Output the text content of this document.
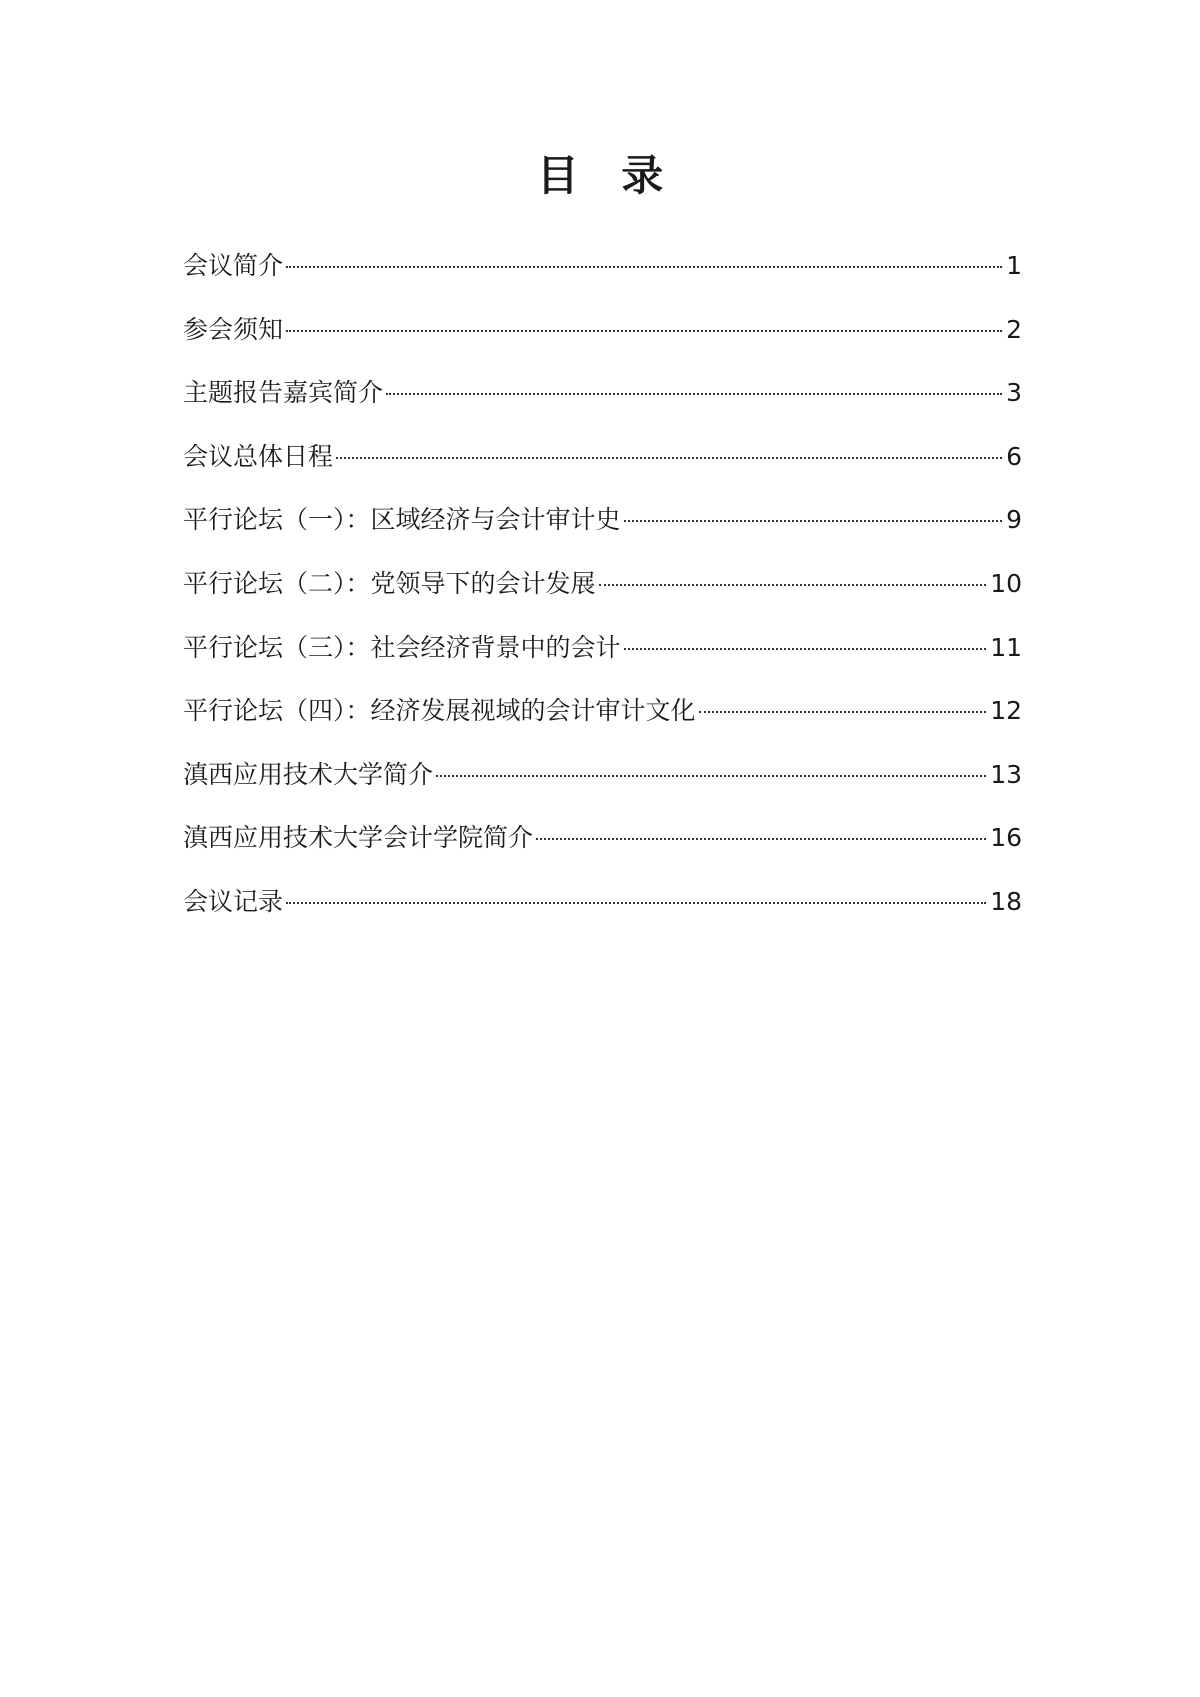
目 录
会议简介	1
参会须知	2
主题报告嘉宾简介	3
会议总体日程	6
平行论坛（一）：区域经济与会计审计史	9
平行论坛（二）：党领导下的会计发展	10
平行论坛（三）：社会经济背景中的会计	11
平行论坛（四）：经济发展视域的会计审计文化	12
滇西应用技术大学简介	13
滇西应用技术大学会计学院简介	16
会议记录	18
